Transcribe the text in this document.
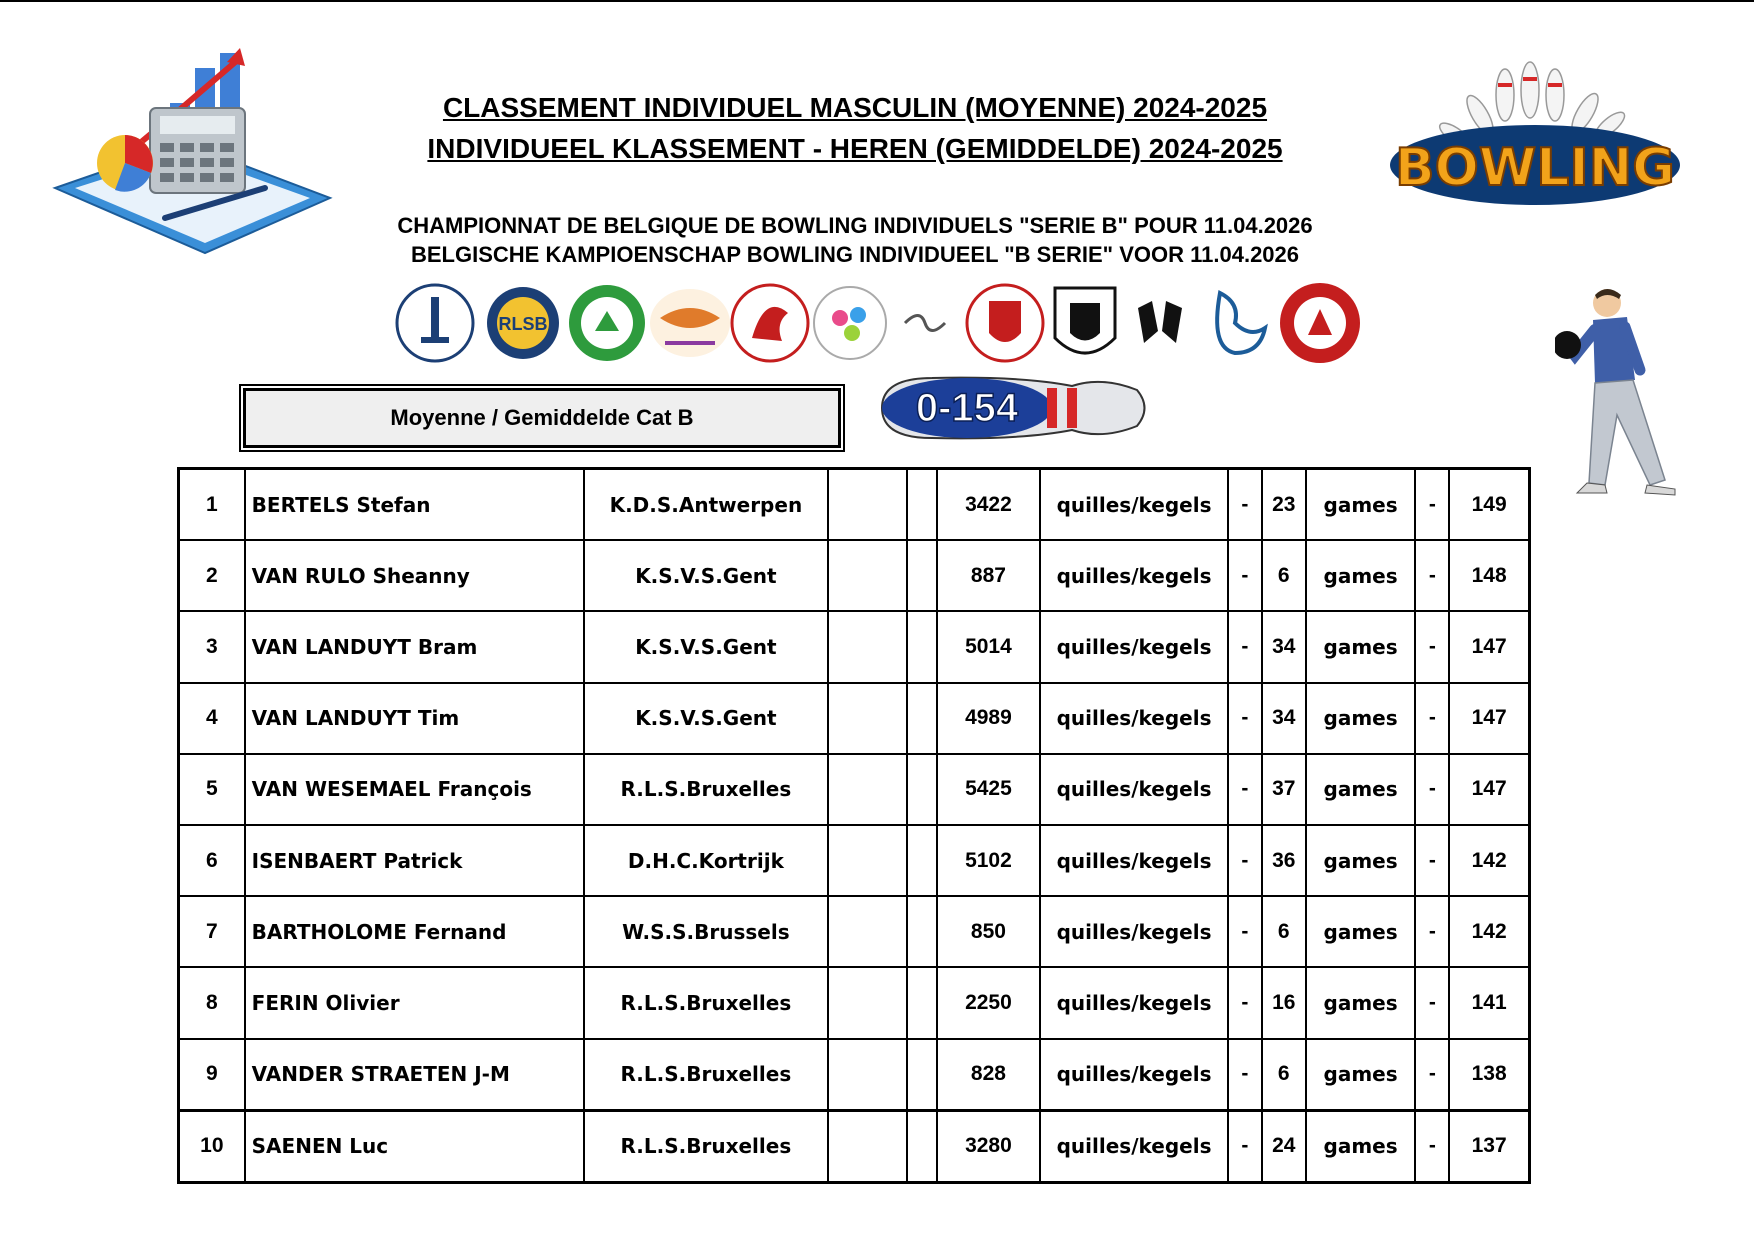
CLASSEMENT INDIVIDUEL MASCULIN (MOYENNE) 2024-2025
INDIVIDUEEL KLASSEMENT - HEREN (GEMIDDELDE) 2024-2025
CHAMPIONNAT DE BELGIQUE DE BOWLING INDIVIDUELS "SERIE B" POUR 11.04.2026
BELGISCHE KAMPIOENSCHAP BOWLING INDIVIDUEEL "B SERIE" VOOR 11.04.2026
BOWLING
RLSB
Moyenne / Gemiddelde Cat B	0-154
1	BERTELS Stefan	K.D.S.Antwerpen			3422	quilles/kegels	-	23	games	-	149
2	VAN RULO Sheanny	K.S.V.S.Gent			887	quilles/kegels	-	6	games	-	148
3	VAN LANDUYT Bram	K.S.V.S.Gent			5014	quilles/kegels	-	34	games	-	147
4	VAN LANDUYT Tim	K.S.V.S.Gent			4989	quilles/kegels	-	34	games	-	147
5	VAN WESEMAEL François	R.L.S.Bruxelles			5425	quilles/kegels	-	37	games	-	147
6	ISENBAERT Patrick	D.H.C.Kortrijk			5102	quilles/kegels	-	36	games	-	142
7	BARTHOLOME Fernand	W.S.S.Brussels			850	quilles/kegels	-	6	games	-	142
8	FERIN Olivier	R.L.S.Bruxelles			2250	quilles/kegels	-	16	games	-	141
9	VANDER STRAETEN J-M	R.L.S.Bruxelles			828	quilles/kegels	-	6	games	-	138
10	SAENEN Luc	R.L.S.Bruxelles			3280	quilles/kegels	-	24	games	-	137
